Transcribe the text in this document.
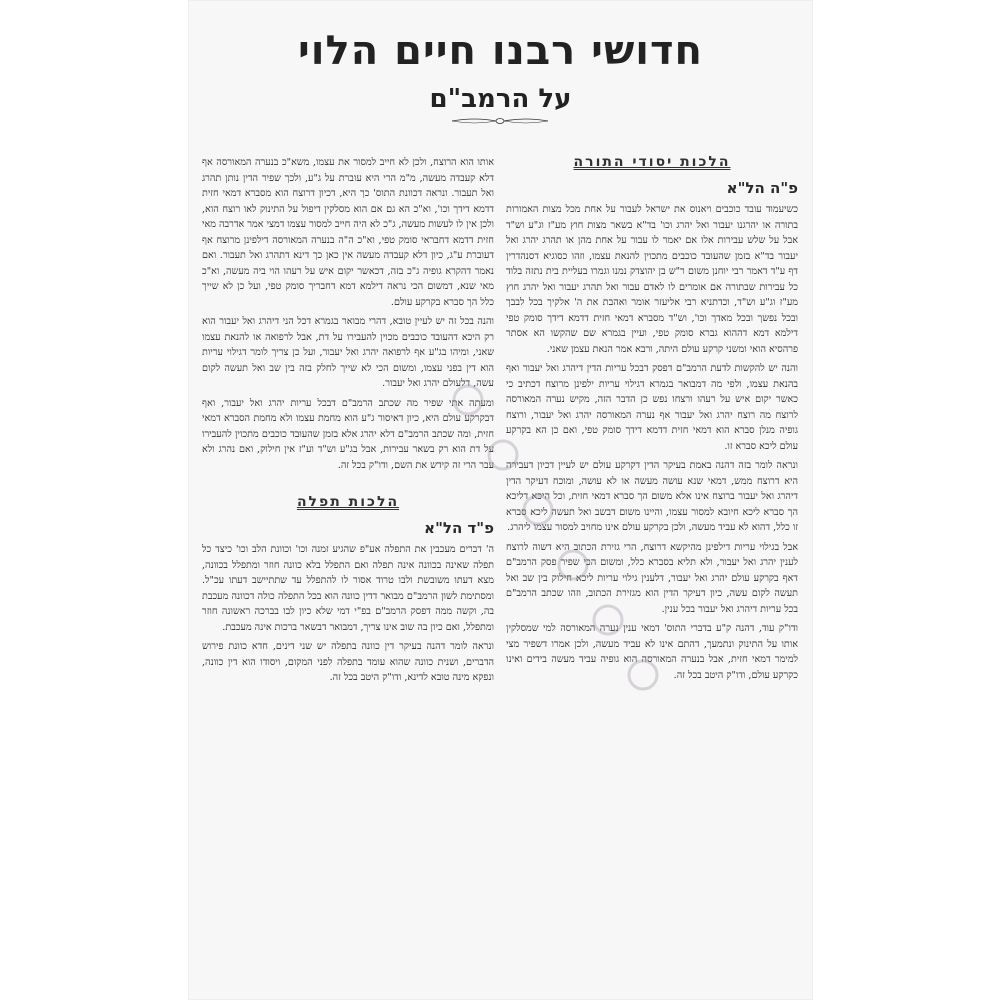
חדושי רבנו חיים הלוי
על הרמב"ם
הלכות יסודי התורה

פ"ה הל"א

כשיעמוד עובד כוכבים ויאנוס את ישראל לעבור על אחת מכל מצות האמורות בתורה או יהרגנו יעבור ואל יהרג וכו' בד"א בשאר מצות חוץ מע"ז וג"ע וש"ד אבל על שלש עבירות אלו אם יאמר לו עבור על אחת מהן או תהרג יהרג ואל יעבור בד"א בזמן שהעובד כוכבים מתכוין להנאת עצמו, וזהו כסוגיא דסנהדרין דף ע"ד דאמר רבי יוחנן משום ר"ש בן יהוצדק נמנו וגמרו בעליית בית נתזה בלוד כל עבירות שבתורה אם אומרים לו לאדם עבור ואל תהרג יעבור ואל יהרג חוץ מע"ז וג"ע וש"ד, וכדתניא רבי אליעזר אומר ואהבת את ה' אלקיך בכל לבבך ובכל נפשך ובכל מאדך וכו', וש"ד מסברא דמאי חזית דדמא דידך סומק טפי דילמא דמא דההוא גברא סומק טפי, ועיין בגמרא שם שהקשו הא אסתר פרהסיא הואי ומשני קרקע עולם היתה, ורבא אמר הנאת עצמן שאני.

והנה יש להקשות לדעת הרמב"ם דפסק דבכל עריות הדין דיהרג ואל יעבור ואף בהנאת עצמו, ולפי מה דמבואר בגמרא דגילוי עריות ילפינן מרוצח דכתיב כי כאשר יקום איש על רעהו ורצחו נפש כן הדבר הזה, מקיש נערה המאורסה לרוצח מה רוצח יהרג ואל יעבור אף נערה המאורסה יהרג ואל יעבור, ורוצח גופיה מנלן סברא הוא דמאי חזית דדמא דידך סומק טפי, ואם כן הא בקרקע עולם ליכא סברא זו.

ונראה לומר בזה דהנה באמת בעיקר הדין דקרקע עולם יש לעיין דכיון דעבירה היא דרוצח ממש, דמאי שנא עושה מעשה או לא עושה, ומוכח דעיקר הדין דיהרג ואל יעבור ברוצח אינו אלא משום הך סברא דמאי חזית, וכל היכא דליכא הך סברא ליכא חיובא למסור עצמו, והיינו משום דבשב ואל תעשה ליכא סברא זו כלל, דהוא לא עביד מעשה, ולכן בקרקע עולם אינו מחויב למסור עצמו ליהרג.

אבל בגילוי עריות דילפינן מהיקשא דרוצח, הרי גזירת הכתוב היא דשוה לרוצח לענין יהרג ואל יעבור, ולא תליא בסברא כלל, ומשום הכי שפיר פסק הרמב"ם דאף בקרקע עולם יהרג ואל יעבור, דלענין גילוי עריות ליכא חילוק בין שב ואל תעשה לקום עשה, כיון דעיקר הדין הוא מגזירת הכתוב, וזהו שכתב הרמב"ם בכל עריות דיהרג ואל יעבור בכל ענין.

ודו"ק עוד, דהנה ק"ע בדברי התוס' דמאי ענין נערה המאורסה למי שמסלקין אותו על התינוק ונתמעך, דהתם אינו לא עביד מעשה, ולכן אמרו דשפיר מצי למימר דמאי חזית, אבל בנערה המאורסה הוא גופיה עביד מעשה בידים ואינו כקרקע עולם, ודו"ק היטב בכל זה.

אותו הוא הרוצח, ולכן לא חייב למסור את עצמו, משא"כ בנערה המאורסה אף דלא קעבדה מעשה, מ"מ הרי היא עוברת על ג"ע, ולכך שפיר הדין נותן תהרג ואל תעבור. ונראה דכוונת התוס' כך היא, דכיון דרוצח הוא מסברא דמאי חזית דדמא דידך וכו', וא"כ הא גם אם הוא מסלקין דיפול על התינוק לאו רוצח הוא, ולכן אין לו לעשות מעשה, ג"כ לא היה חייב למסור עצמו דמצי אמר אדרבה מאי חזית דדמא דחבראי סומק טפי, וא"כ ה"ה בנערה המאורסה דילפינן מרוצח אף דעוברת ע"ג, כיון דלא קעבדה מעשה אין כאן כך דינא דתהרג ואל תעבור. ואם נאמר דהקרא גופיה ג"כ בזה, דכאשר יקום איש על רעהו הוי ביה מעשה, וא"כ מאי שנא, דמשום הכי נראה דילמא דמא דחבריך סומק טפי, ועל כן לא שייך כלל הך סברא בקרקע עולם.

והנה בכל זה יש לעיין טובא, דהרי מבואר בגמרא דכל הני דיהרג ואל יעבור הוא רק היכא דהעובד כוכבים מכוין להעבירו על דת, אבל לרפואה או להנאת עצמו שאני, ומיהו בג"ע אף לרפואה יהרג ואל יעבור, ועל כן צריך לומר דגילוי עריות הוא דין בפני עצמו, ומשום הכי לא שייך לחלק בזה בין שב ואל תעשה לקום עשה, דלעולם יהרג ואל יעבור.

ומעתה אתי שפיר מה שכתב הרמב"ם דבכל עריות יהרג ואל יעבור, ואף דבקרקע עולם היא, כיון דאיסור ג"ע הוא מחמת עצמו ולא מחמת הסברא דמאי חזית, ומה שכתב הרמב"ם דלא יהרג אלא בזמן שהעובד כוכבים מתכוין להעבירו על דת הוא רק בשאר עבירות, אבל בג"ע וש"ד וע"ז אין חילוק, ואם נהרג ולא עבר הרי זה קידש את השם, ודו"ק בכל זה.

הלכות תפלה

פ"ד הל"א

ה' דברים מעכבין את התפלה אע"פ שהגיע זמנה וכו' וכוונת הלב וכו' כיצד כל תפלה שאינה בכוונה אינה תפלה ואם התפלל בלא כוונה חוזר ומתפלל בכוונה, מצא דעתו משובשת ולבו טרוד אסור לו להתפלל עד שתתיישב דעתו עכ"ל. ומסתימת לשון הרמב"ם מבואר דדין כוונה הוא בכל התפלה כולה דכוונה מעכבת בה, וקשה ממה דפסק הרמב"ם בפ"י דמי שלא כיון לבו בברכה ראשונה חוזר ומתפלל, ואם כיון בה שוב אינו צריך, דמבואר דבשאר ברכות אינה מעכבת.

ונראה לומר דהנה בעיקר דין כוונה בתפלה יש שני דינים, חדא כוונת פירוש הדברים, ושנית כוונה שהוא עומד בתפלה לפני המקום, ויסודו הוא דין כוונה, ונפקא מינה טובא לדינא, ודו"ק היטב בכל זה.
